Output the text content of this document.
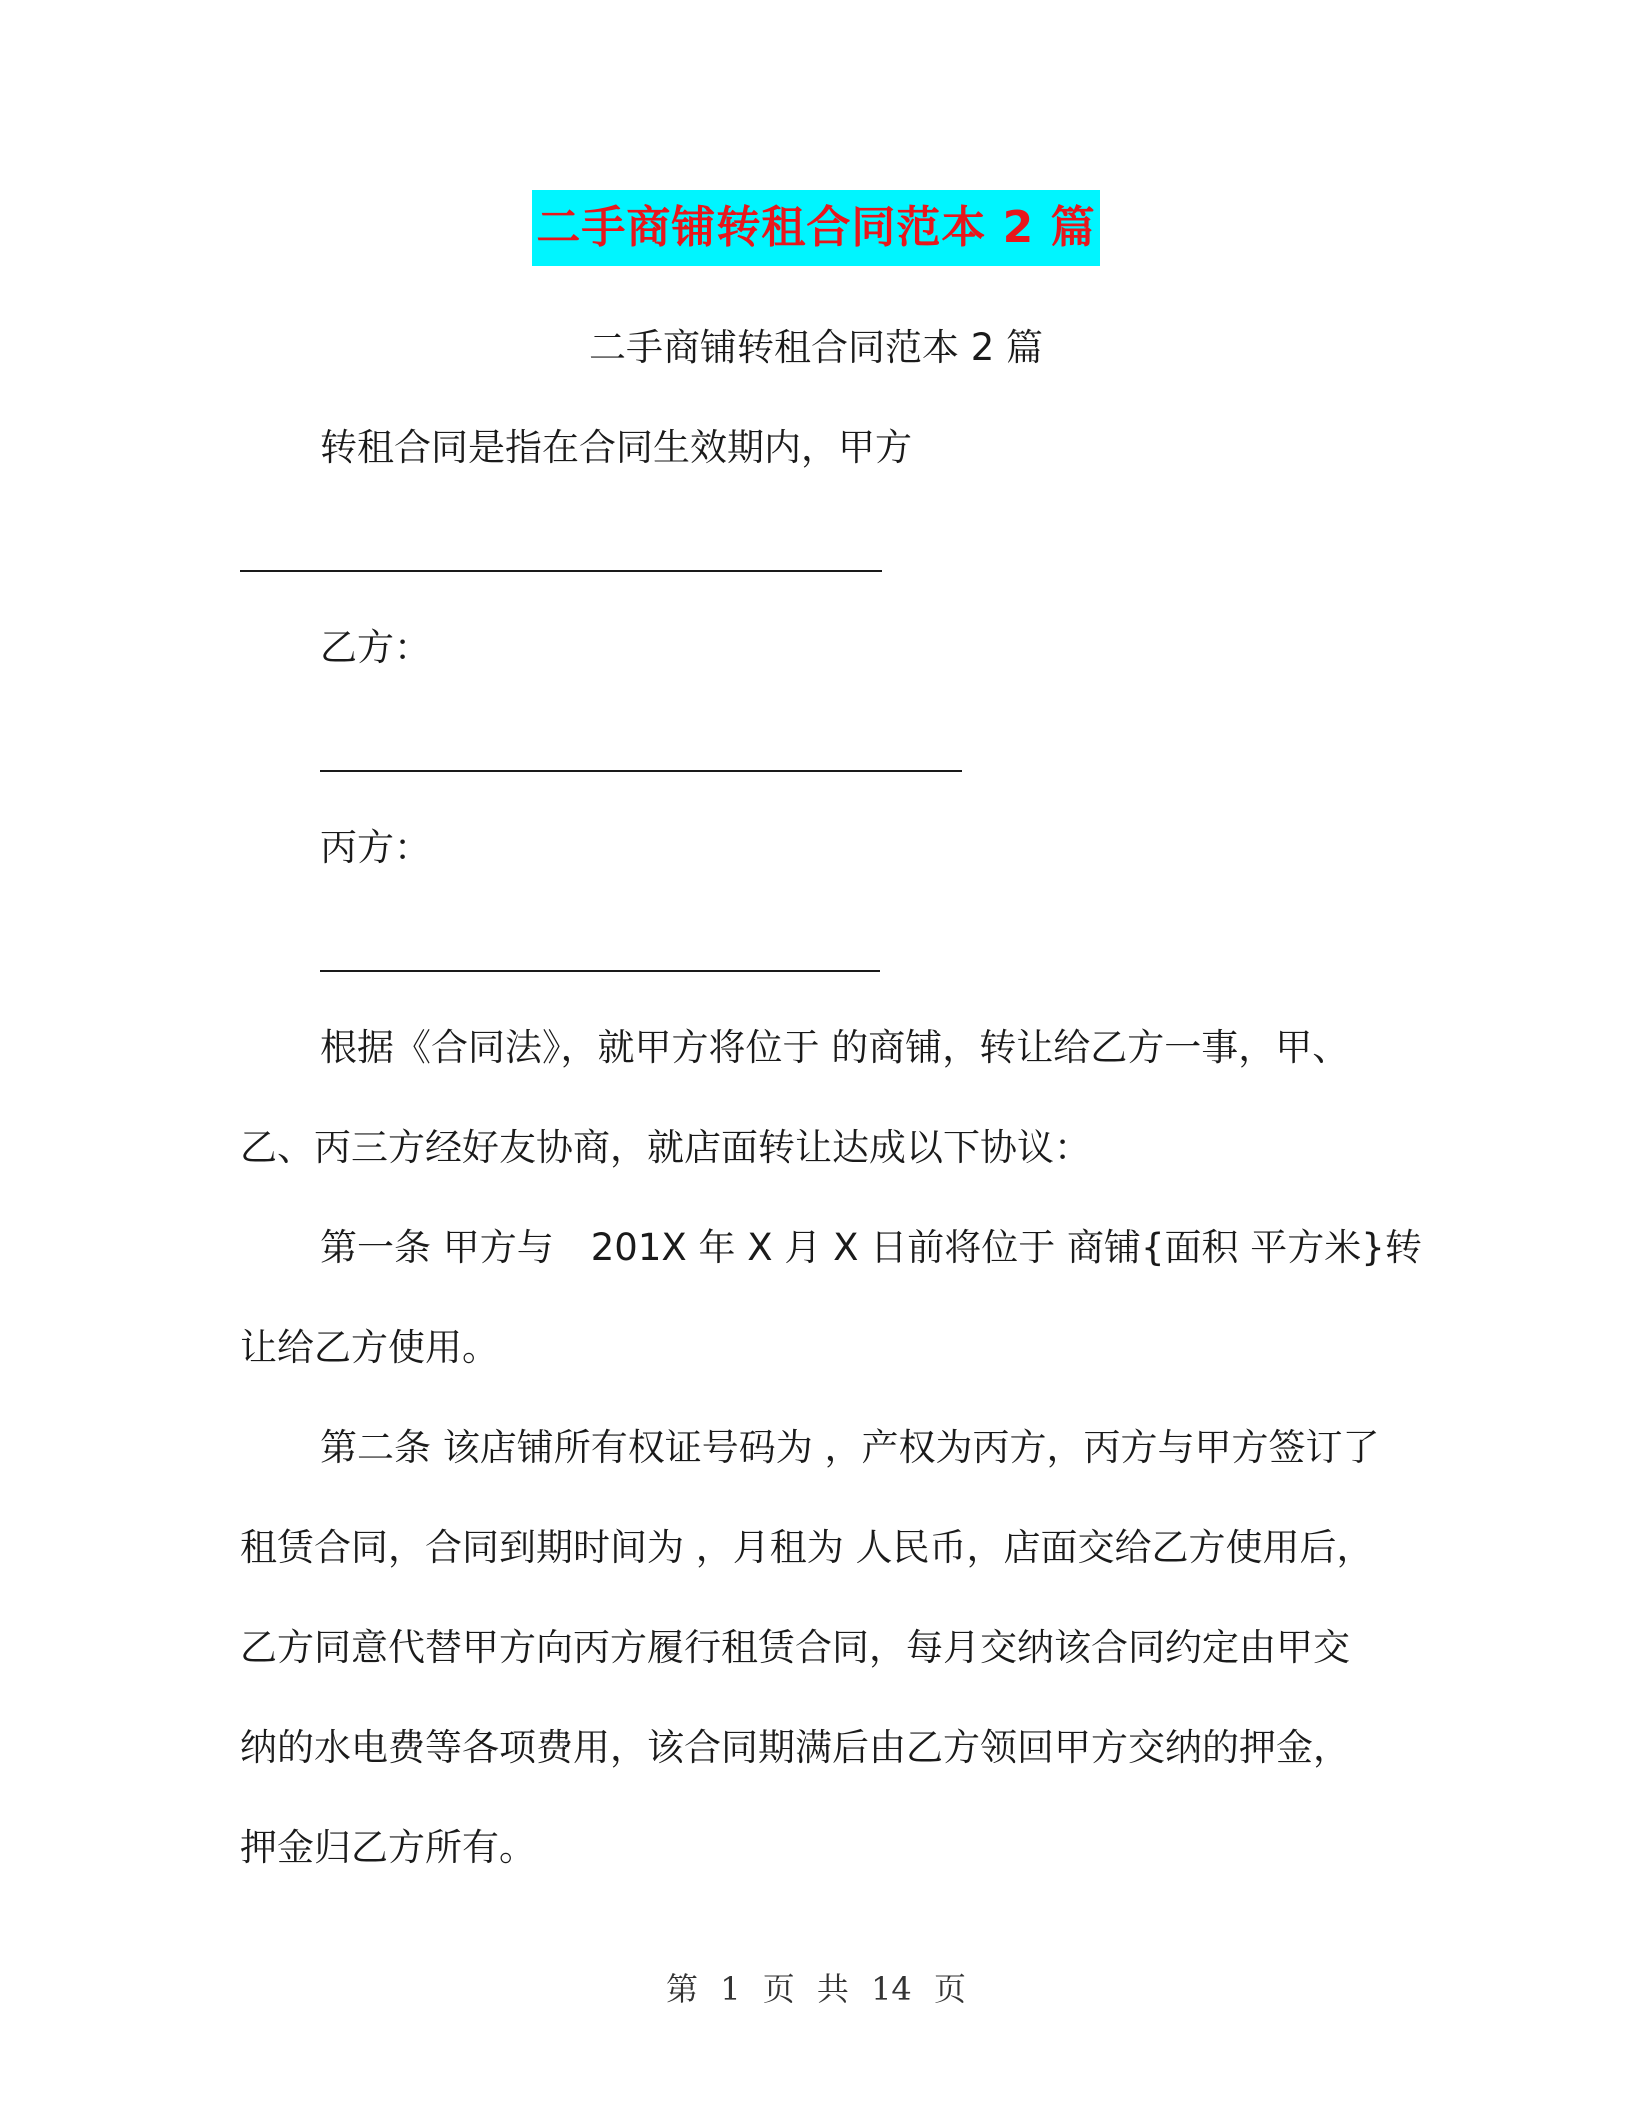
二手商铺转租合同范本 2 篇
二手商铺转租合同范本 2 篇
转租合同是指在合同生效期内，甲方
乙方：
丙方：
根据《合同法》，就甲方将位于 的商铺，转让给乙方一事，甲、
乙、丙三方经好友协商，就店面转让达成以下协议：
第一条 甲方与　201X 年 X 月 X 日前将位于 商铺{面积 平方米}转
让给乙方使用。
第二条 该店铺所有权证号码为 ，产权为丙方，丙方与甲方签订了
租赁合同，合同到期时间为 ，月租为 人民币，店面交给乙方使用后，
乙方同意代替甲方向丙方履行租赁合同，每月交纳该合同约定由甲交
纳的水电费等各项费用，该合同期满后由乙方领回甲方交纳的押金，
押金归乙方所有。
第 1 页 共 14 页
